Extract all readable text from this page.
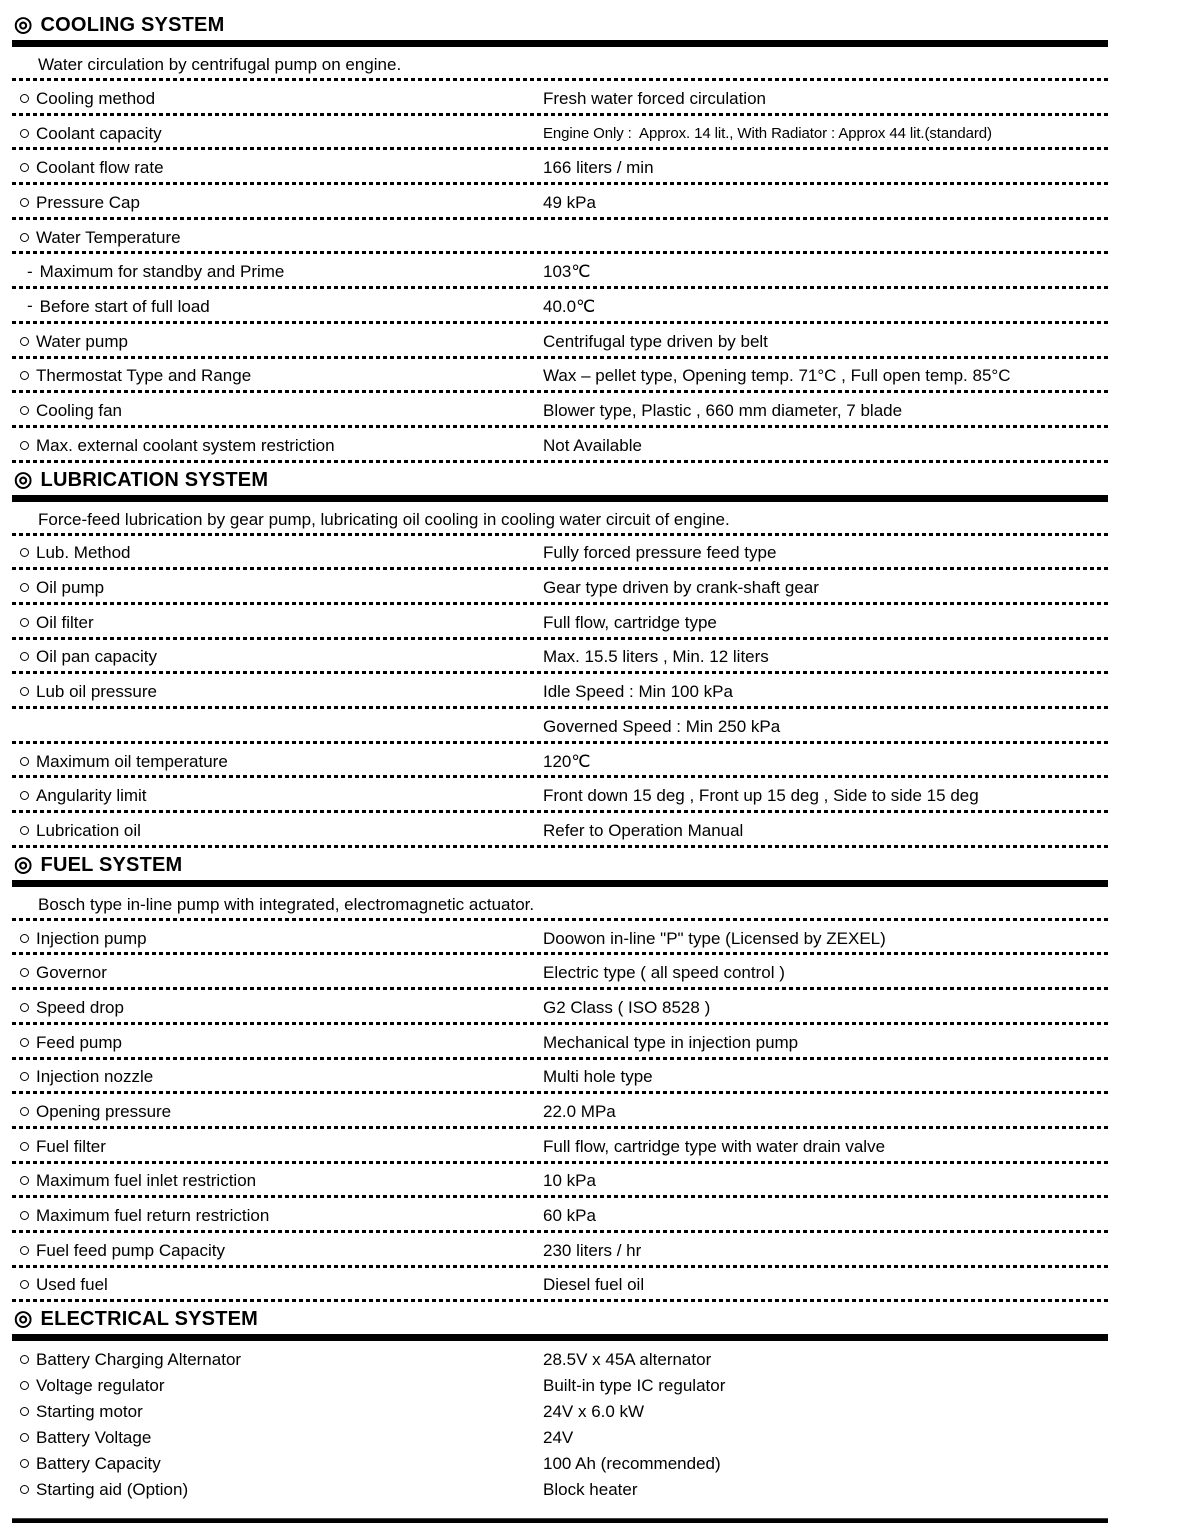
◎ COOLING SYSTEM

Water circulation by centrifugal pump on engine.

Cooling method	Fresh water forced circulation
Coolant capacity	Engine Only :  Approx. 14 lit., With Radiator : Approx 44 lit.(standard)
Coolant flow rate	166 liters / min
Pressure Cap	49 kPa
Water Temperature
- Maximum for standby and Prime	103℃
- Before start of full load	40.0℃
Water pump	Centrifugal type driven by belt
Thermostat Type and Range	Wax – pellet type, Opening temp. 71°C , Full open temp. 85°C
Cooling fan	Blower type, Plastic , 660 mm diameter, 7 blade
Max. external coolant system restriction	Not Available
◎ LUBRICATION SYSTEM

Force-feed lubrication by gear pump, lubricating oil cooling in cooling water circuit of engine.

Lub. Method	Fully forced pressure feed type
Oil pump	Gear type driven by crank-shaft gear
Oil filter	Full flow, cartridge type
Oil pan capacity	Max. 15.5 liters , Min. 12 liters
Lub oil pressure	Idle Speed : Min 100 kPa
Governed Speed : Min 250 kPa
Maximum oil temperature	120℃
Angularity limit	Front down 15 deg , Front up 15 deg , Side to side 15 deg
Lubrication oil	Refer to Operation Manual
◎ FUEL SYSTEM

Bosch type in-line pump with integrated, electromagnetic actuator.

Injection pump	Doowon in-line "P" type (Licensed by ZEXEL)
Governor	Electric type ( all speed control )
Speed drop	G2 Class ( ISO 8528 )
Feed pump	Mechanical type in injection pump
Injection nozzle	Multi hole type
Opening pressure	22.0 MPa
Fuel filter	Full flow, cartridge type with water drain valve
Maximum fuel inlet restriction	10 kPa
Maximum fuel return restriction	60 kPa
Fuel feed pump Capacity	230 liters / hr
Used fuel	Diesel fuel oil
◎ ELECTRICAL SYSTEM
Battery Charging Alternator	28.5V x 45A alternator
Voltage regulator	Built-in type IC regulator
Starting motor	24V x 6.0 kW
Battery Voltage	24V
Battery Capacity	100 Ah (recommended)
Starting aid (Option)	Block heater
